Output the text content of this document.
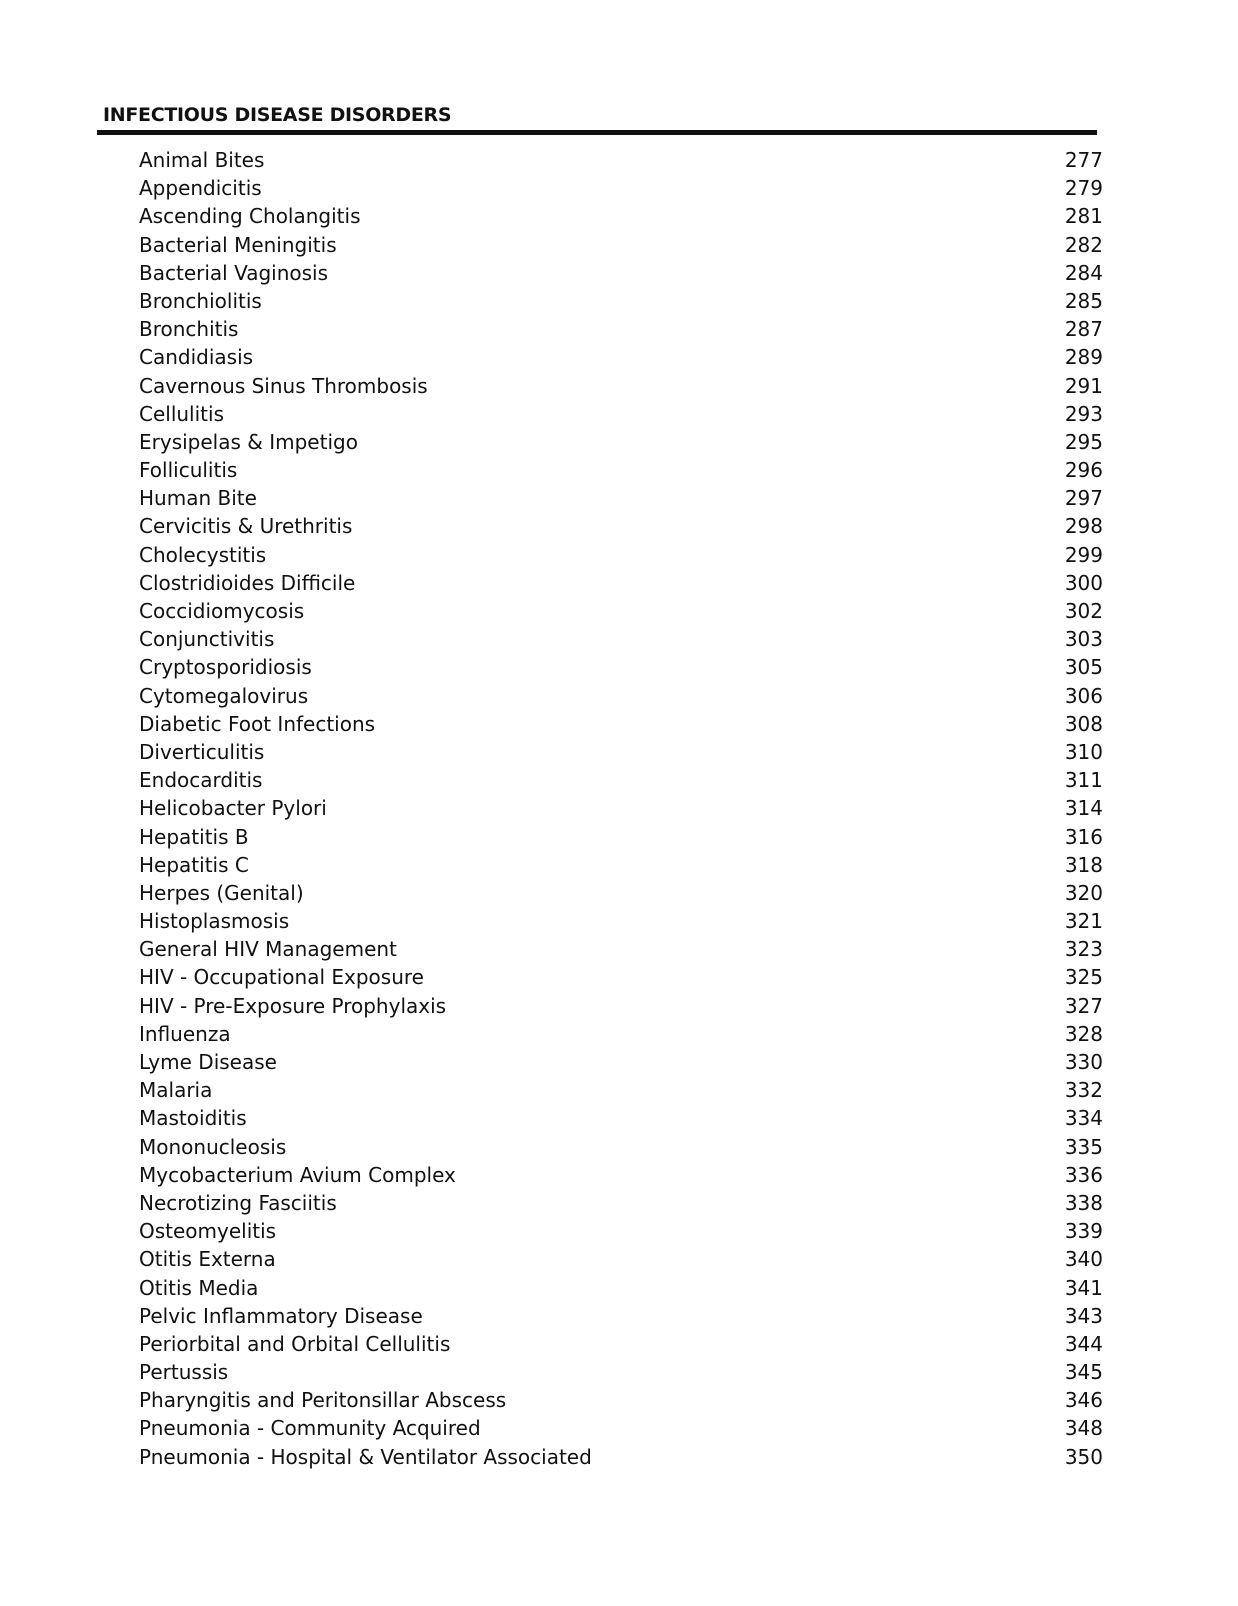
INFECTIOUS DISEASE DISORDERS
Animal Bites	277
Appendicitis	279
Ascending Cholangitis	281
Bacterial Meningitis	282
Bacterial Vaginosis	284
Bronchiolitis	285
Bronchitis	287
Candidiasis	289
Cavernous Sinus Thrombosis	291
Cellulitis	293
Erysipelas & Impetigo	295
Folliculitis	296
Human Bite	297
Cervicitis & Urethritis	298
Cholecystitis	299
Clostridioides Difficile	300
Coccidiomycosis	302
Conjunctivitis	303
Cryptosporidiosis	305
Cytomegalovirus	306
Diabetic Foot Infections	308
Diverticulitis	310
Endocarditis	311
Helicobacter Pylori	314
Hepatitis B	316
Hepatitis C	318
Herpes (Genital)	320
Histoplasmosis	321
General HIV Management	323
HIV - Occupational Exposure	325
HIV - Pre-Exposure Prophylaxis	327
Influenza	328
Lyme Disease	330
Malaria	332
Mastoiditis	334
Mononucleosis	335
Mycobacterium Avium Complex	336
Necrotizing Fasciitis	338
Osteomyelitis	339
Otitis Externa	340
Otitis Media	341
Pelvic Inflammatory Disease	343
Periorbital and Orbital Cellulitis	344
Pertussis	345
Pharyngitis and Peritonsillar Abscess	346
Pneumonia - Community Acquired	348
Pneumonia - Hospital & Ventilator Associated	350
